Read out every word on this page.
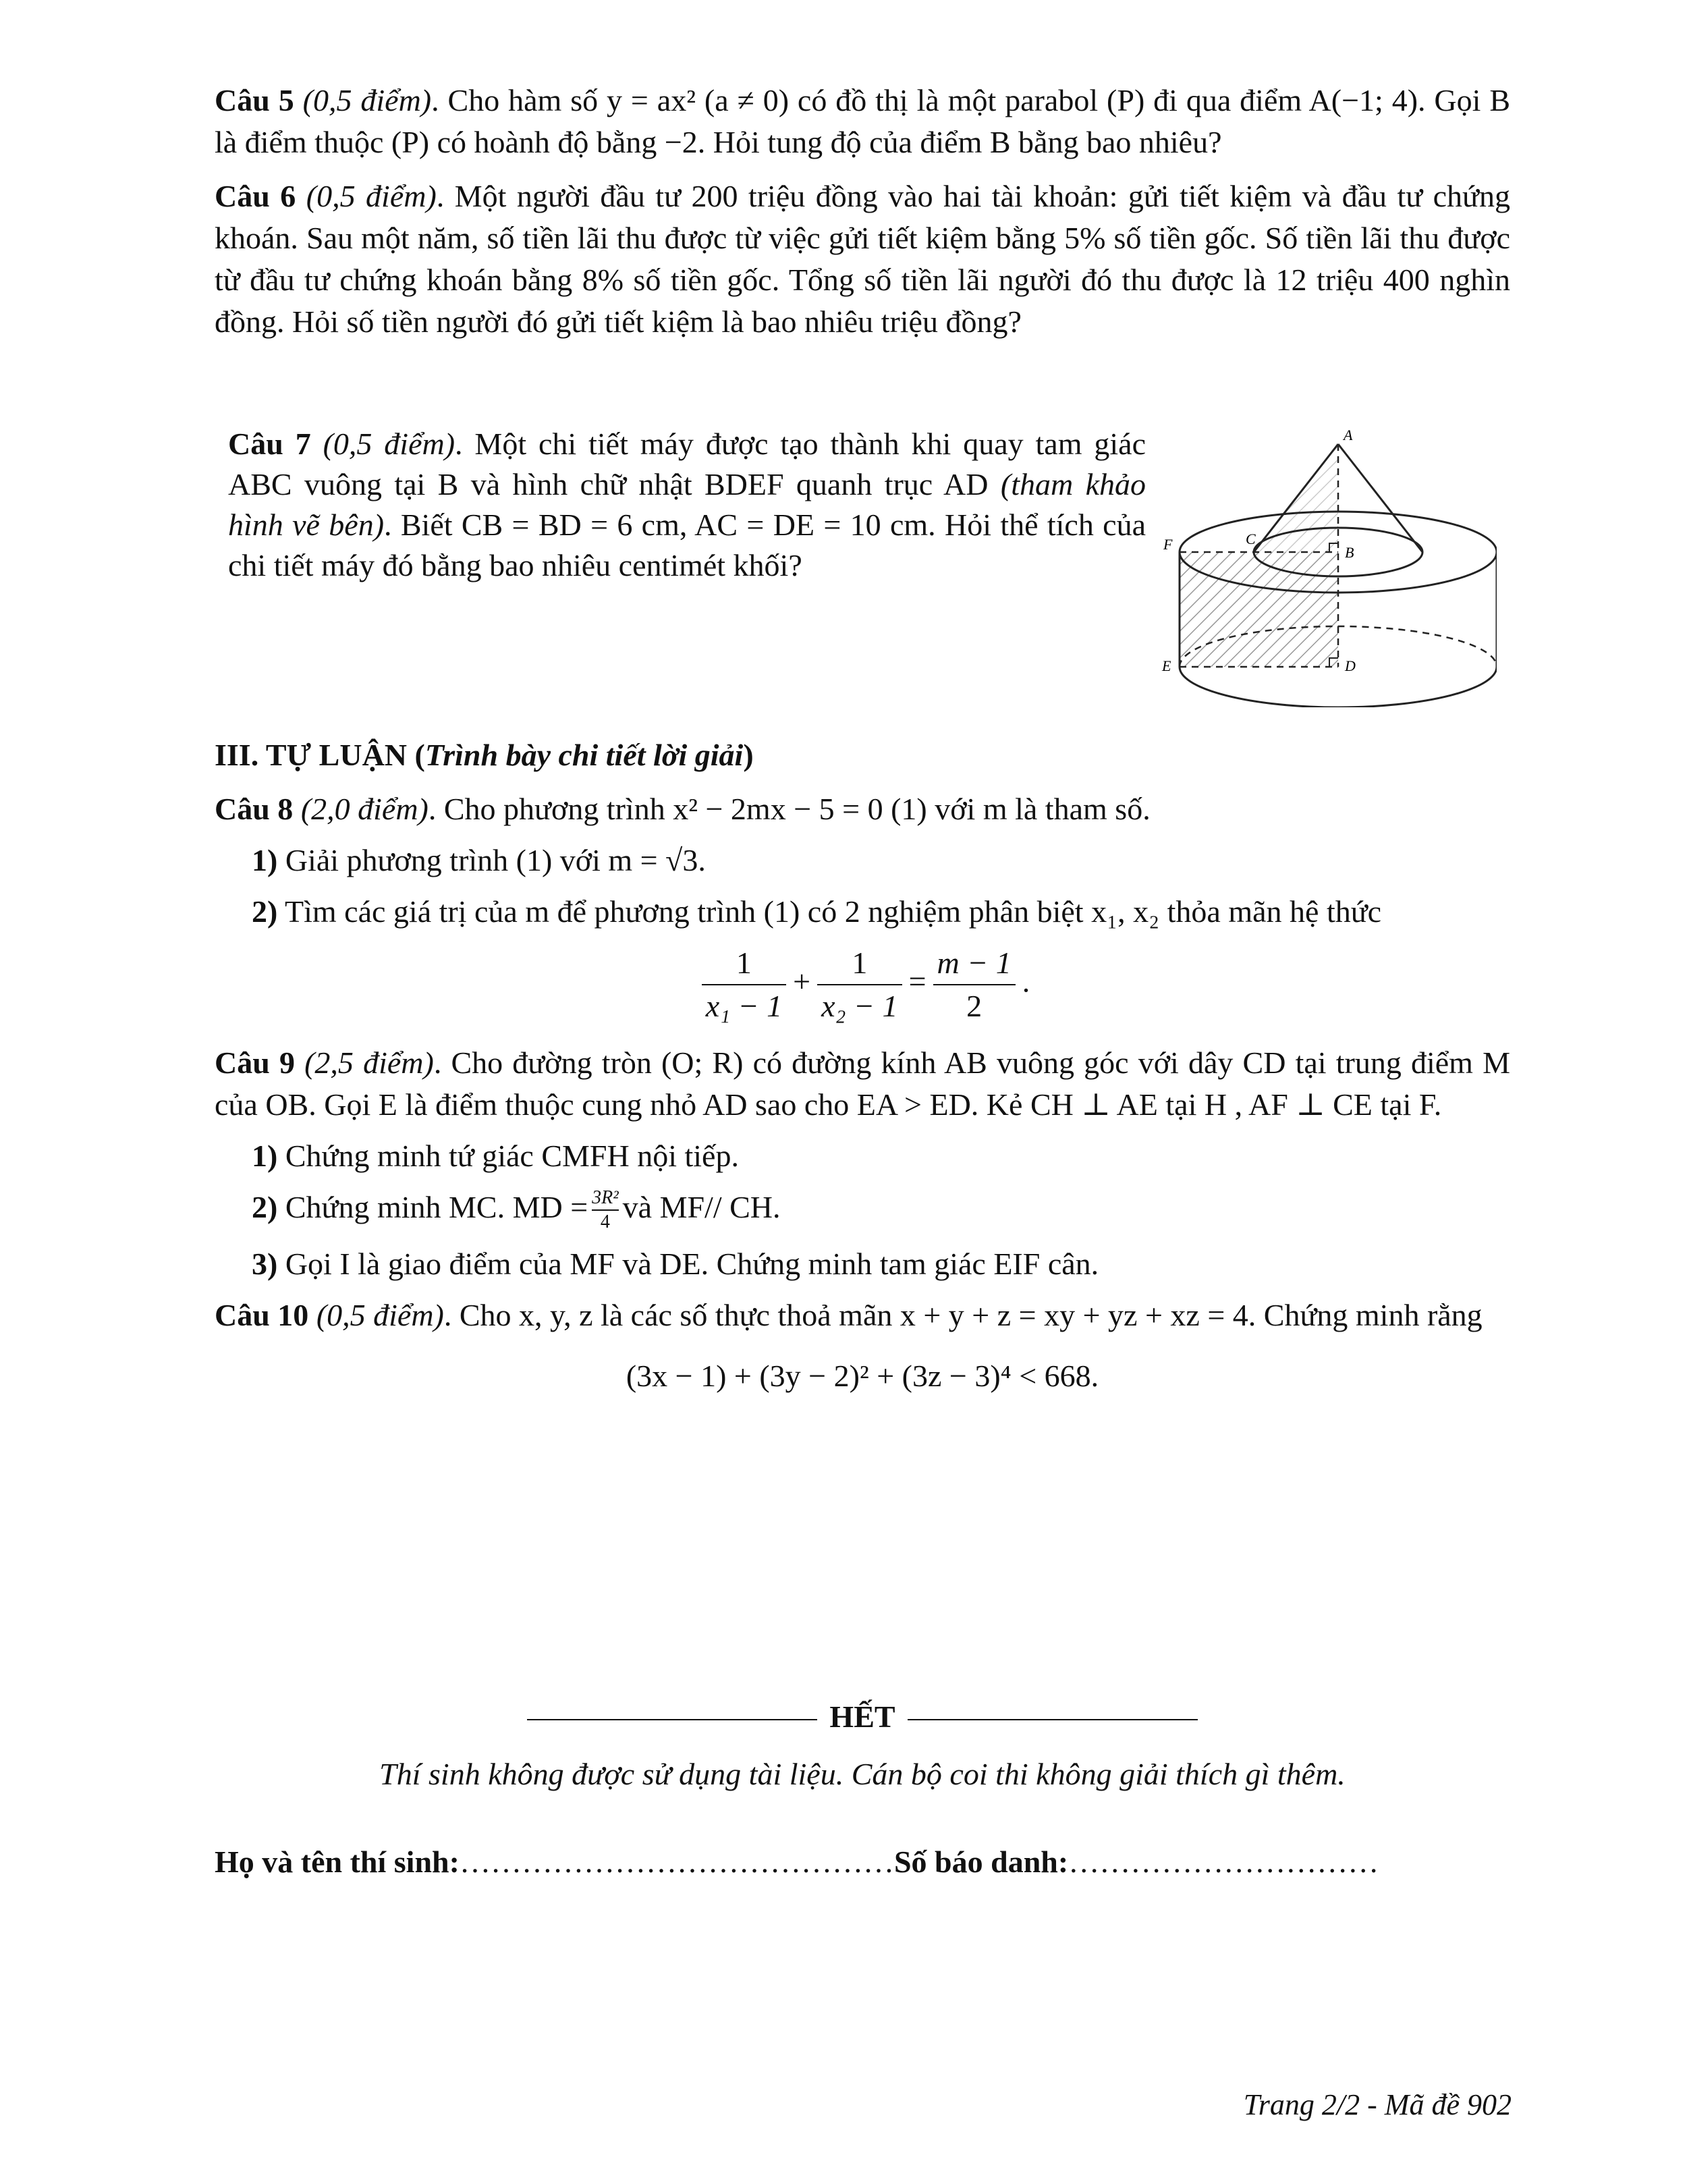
Câu 5 (0,5 điểm). Cho hàm số y = ax² (a ≠ 0) có đồ thị là một parabol (P) đi qua điểm A(−1; 4). Gọi B là điểm thuộc (P) có hoành độ bằng −2. Hỏi tung độ của điểm B bằng bao nhiêu?

Câu 6 (0,5 điểm). Một người đầu tư 200 triệu đồng vào hai tài khoản: gửi tiết kiệm và đầu tư chứng khoán. Sau một năm, số tiền lãi thu được từ việc gửi tiết kiệm bằng 5% số tiền gốc. Số tiền lãi thu được từ đầu tư chứng khoán bằng 8% số tiền gốc. Tổng số tiền lãi người đó thu được là 12 triệu 400 nghìn đồng. Hỏi số tiền người đó gửi tiết kiệm là bao nhiêu triệu đồng?

Câu 7 (0,5 điểm). Một chi tiết máy được tạo thành khi quay tam giác ABC vuông tại B và hình chữ nhật BDEF quanh trục AD (tham khảo hình vẽ bên). Biết CB = BD = 6 cm, AC = DE = 10 cm. Hỏi thể tích của chi tiết máy đó bằng bao nhiêu centimét khối?

A
B
C
D
E
F

III. TỰ LUẬN (Trình bày chi tiết lời giải)

Câu 8 (2,0 điểm). Cho phương trình x² − 2mx − 5 = 0 (1) với m là tham số.

1) Giải phương trình (1) với m = √3.

2) Tìm các giá trị của m để phương trình (1) có 2 nghiệm phân biệt x₁, x₂ thỏa mãn hệ thức

$\frac{1}{\text{x₁ − 1}} + \frac{1}{\text{x₂ − 1}} = \frac{m - 1}{2}$ .

Câu 9 (2,5 điểm). Cho đường tròn (O; R) có đường kính AB vuông góc với dây CD tại trung điểm M của OB. Gọi E là điểm thuộc cung nhỏ AD sao cho EA > ED. Kẻ CH ⊥ AE tại H , AF ⊥ CE tại F.

1) Chứng minh tứ giác CMFH nội tiếp.

2) Chứng minh MC. MD = $\frac{\text{3R²}}{4}$ và MF// CH.

3) Gọi I là giao điểm của MF và DE. Chứng minh tam giác EIF cân.

Câu 10 (0,5 điểm). Cho x, y, z là các số thực thoả mãn x + y + z = xy + yz + xz = 4. Chứng minh rằng

(3x − 1) + (3y − 2)² + (3z − 3)⁴ < 668.

HẾT

Thí sinh không được sử dụng tài liệu. Cán bộ coi thi không giải thích gì thêm.

Họ và tên thí sinh:……………………………………Số báo danh:…………………………

Trang 2/2 - Mã đề 902
